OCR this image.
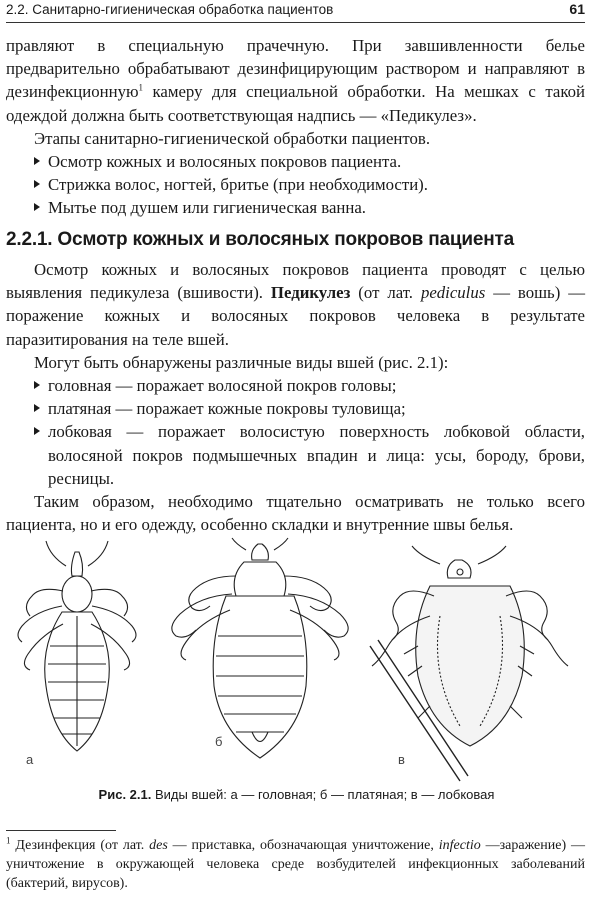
2.2. Санитарно-гигиеническая обработка пациентов	61

правляют в специальную прачечную. При завшивленности белье предварительно обрабатывают дезинфицирующим раствором и направляют в дезинфекционную$^1$ камеру для специальной обработки. На мешках с такой одеждой должна быть соответствующая надпись — «Педикулез».

Этапы санитарно-гигиенической обработки пациентов.

Осмотр кожных и волосяных покровов пациента.

Стрижка волос, ногтей, бритье (при необходимости).

Мытье под душем или гигиеническая ванна.

2.2.1. Осмотр кожных и волосяных покровов пациента

Осмотр кожных и волосяных покровов пациента проводят с целью выявления педикулеза (вшивости). Педикулез (от лат. pediculus — вошь) — поражение кожных и волосяных покровов человека в результате паразитирования на теле вшей.

Могут быть обнаружены различные виды вшей (рис. 2.1):

головная — поражает волосяной покров головы;

платяная — поражает кожные покровы туловища;

лобковая — поражает волосистую поверхность лобковой области, волосяной покров подмышечных впадин и лица: усы, бороду, брови, ресницы.

Таким образом, необходимо тщательно осматривать не только всего пациента, но и его одежду, особенно складки и внутренние швы белья.

а
б
в
Рис. 2.1. Виды вшей: а — головная; б — платяная; в — лобковая
$^1$ Дезинфекция (от лат. des — приставка, обозначающая уничтожение, infectio —заражение) — уничтожение в окружающей человека среде возбудителей инфекционных заболеваний (бактерий, вирусов).
